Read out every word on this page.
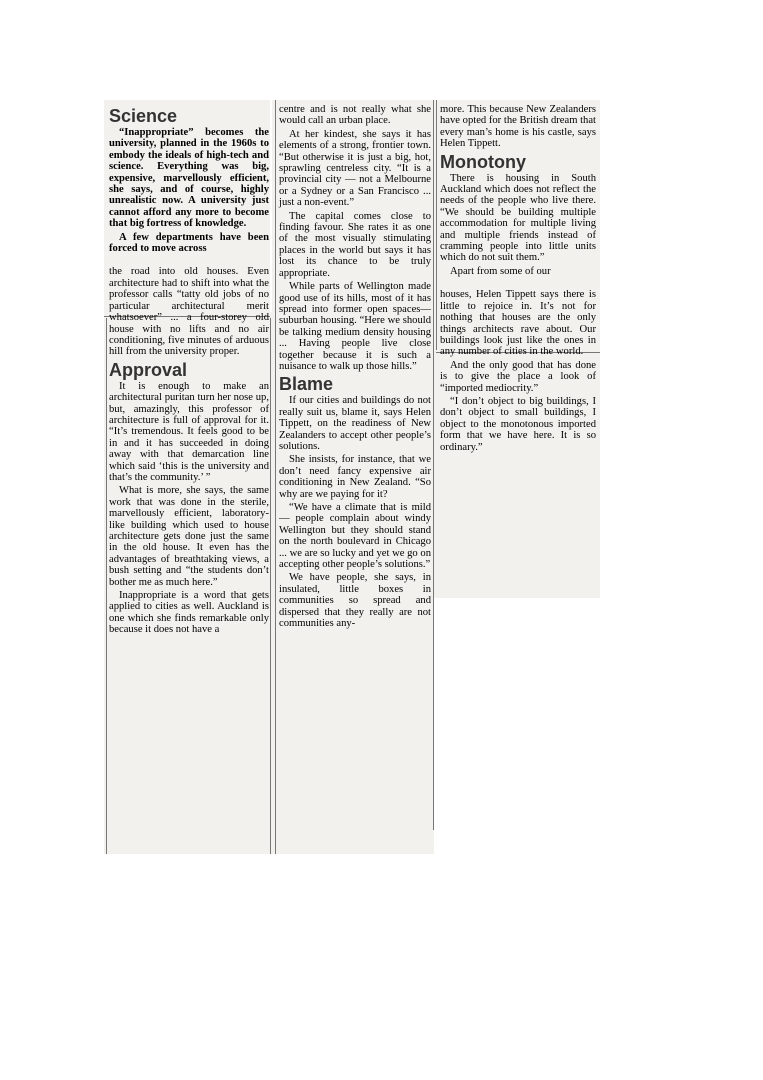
Science

“Inappropriate” becomes the university, planned in the 1960s to embody the ideals of high-tech and science. Everything was big, expensive, marvellously efficient, she says, and of course, highly unrealistic now. A university just cannot afford any more to become that big fortress of knowledge.

A few departments have been forced to move across

the road into old houses. Even architecture had to shift into what the professor calls “tatty old jobs of no particular architectural merit whatsoever” ... a four-storey old house with no lifts and no air conditioning, five minutes of arduous hill from the university proper.

Approval

It is enough to make an architectural puritan turn her nose up, but, amazingly, this professor of architecture is full of approval for it. “It’s tremendous. It feels good to be in and it has succeeded in doing away with that demarcation line which said ‘this is the university and that’s the community.’ ”

What is more, she says, the same work that was done in the sterile, marvellously efficient, laboratory-like building which used to house architecture gets done just the same in the old house. It even has the advantages of breathtaking views, a bush setting and “the students don’t bother me as much here.”

Inappropriate is a word that gets applied to cities as well. Auckland is one which she finds remarkable only because it does not have a

centre and is not really what she would call an urban place.

At her kindest, she says it has elements of a strong, frontier town. “But otherwise it is just a big, hot, sprawling centreless city. “It is a provincial city — not a Melbourne or a Sydney or a San Francisco ... just a non-event.”

The capital comes close to finding favour. She rates it as one of the most visually stimulating places in the world but says it has lost its chance to be truly appropriate.

While parts of Wellington made good use of its hills, most of it has spread into former open spaces—suburban housing. “Here we should be talking medium density housing ... Having people live close together because it is such a nuisance to walk up those hills.”

Blame

If our cities and buildings do not really suit us, blame it, says Helen Tippett, on the readiness of New Zealanders to accept other people’s solutions.

She insists, for instance, that we don’t need fancy expensive air conditioning in New Zealand. “So why are we paying for it?

“We have a climate that is mild — people complain about windy Wellington but they should stand on the north boulevard in Chicago ... we are so lucky and yet we go on accepting other people’s solutions.”

We have people, she says, in insulated, little boxes in communities so spread and dispersed that they really are not communities any-

more. This because New Zealanders have opted for the British dream that every man’s home is his castle, says Helen Tippett.

Monotony

There is housing in South Auckland which does not reflect the needs of the people who live there. “We should be building multiple accommodation for multiple living and multiple friends instead of cramming people into little units which do not suit them.”

Apart from some of our

houses, Helen Tippett says there is little to rejoice in. It’s not for nothing that houses are the only things architects rave about. Our buildings look just like the ones in any number of cities in the world.

And the only good that has done is to give the place a look of “imported mediocrity.”

“I don’t object to big buildings, I don’t object to small buildings, I object to the monotonous imported form that we have here. It is so ordinary.”
